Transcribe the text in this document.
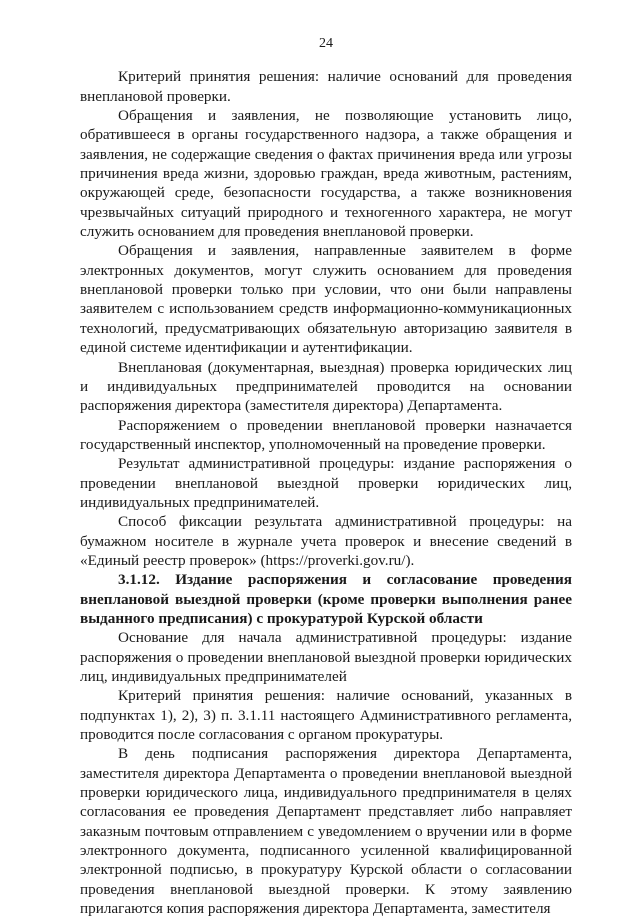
24

Критерий принятия решения: наличие оснований для проведения внеплановой проверки.

Обращения и заявления, не позволяющие установить лицо, обратившееся в органы государственного надзора, а также обращения и заявления, не содержащие сведения о фактах причинения вреда или угрозы причинения вреда жизни, здоровью граждан, вреда животным, растениям, окружающей среде, безопасности государства, а также возникновения чрезвычайных ситуаций природного и техногенного характера, не могут служить основанием для проведения внеплановой проверки.

Обращения и заявления, направленные заявителем в форме электронных документов, могут служить основанием для проведения внеплановой проверки только при условии, что они были направлены заявителем с использованием средств информационно-коммуникационных технологий, предусматривающих обязательную авторизацию заявителя в единой системе идентификации и аутентификации.

Внеплановая (документарная, выездная) проверка юридических лиц и индивидуальных предпринимателей проводится на основании распоряжения директора (заместителя директора) Департамента.

Распоряжением о проведении внеплановой проверки назначается государственный инспектор, уполномоченный на проведение проверки.

Результат административной процедуры: издание распоряжения о проведении внеплановой выездной проверки юридических лиц, индивидуальных предпринимателей.

Способ фиксации результата административной процедуры: на бумажном носителе в журнале учета проверок и внесение сведений в «Единый реестр проверок» (https://proverki.gov.ru/).

3.1.12. Издание распоряжения и согласование проведения внеплановой выездной проверки (кроме проверки выполнения ранее выданного предписания) с прокуратурой Курской области

Основание для начала административной процедуры: издание распоряжения о проведении внеплановой выездной проверки юридических лиц, индивидуальных предпринимателей

Критерий принятия решения: наличие оснований, указанных в подпунктах 1), 2), 3) п. 3.1.11 настоящего Административного регламента, проводится после согласования с органом прокуратуры.

В день подписания распоряжения директора Департамента, заместителя директора Департамента о проведении внеплановой выездной проверки юридического лица, индивидуального предпринимателя в целях согласования ее проведения Департамент представляет либо направляет заказным почтовым отправлением с уведомлением о вручении или в форме электронного документа, подписанного усиленной квалифицированной электронной подписью, в прокуратуру Курской области о согласовании проведения внеплановой выездной проверки. К этому заявлению прилагаются копия распоряжения директора Департамента, заместителя
